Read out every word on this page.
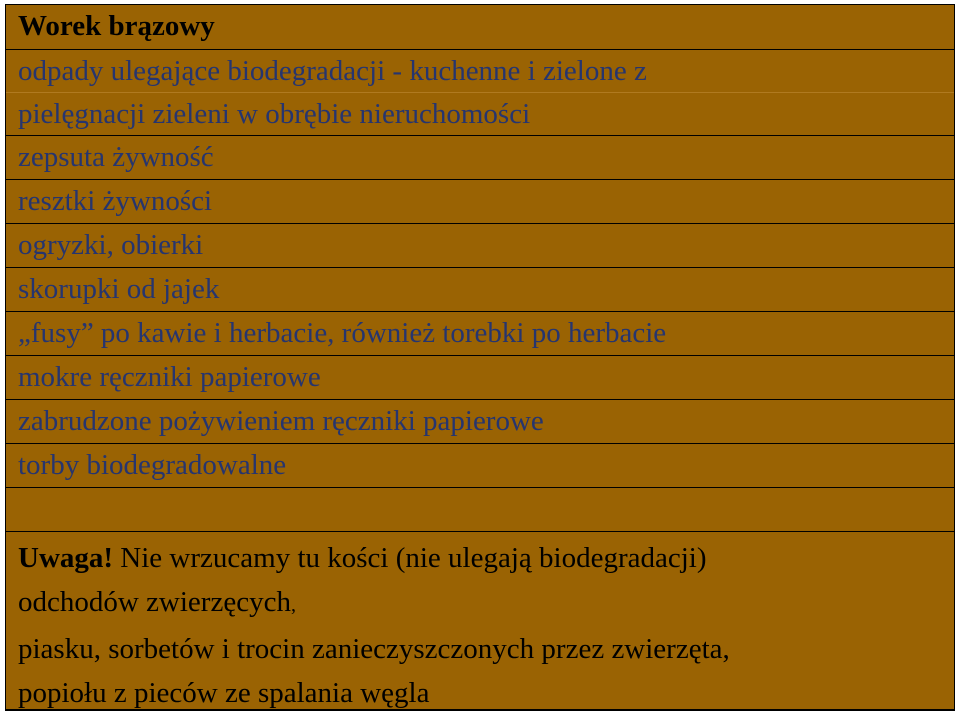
Worek brązowy
odpady ulegające biodegradacji - kuchenne i zielone z
pielęgnacji zieleni w obrębie nieruchomości
zepsuta żywność
resztki żywności
ogryzki, obierki
skorupki od jajek
„fusy” po kawie i herbacie, również torebki po herbacie
mokre ręczniki papierowe
zabrudzone pożywieniem ręczniki papierowe
torby biodegradowalne
Uwaga! Nie wrzucamy tu kości (nie ulegają biodegradacji)
odchodów zwierzęcych,
piasku, sorbetów i trocin zanieczyszczonych przez zwierzęta,
popiołu z pieców ze spalania węgla
